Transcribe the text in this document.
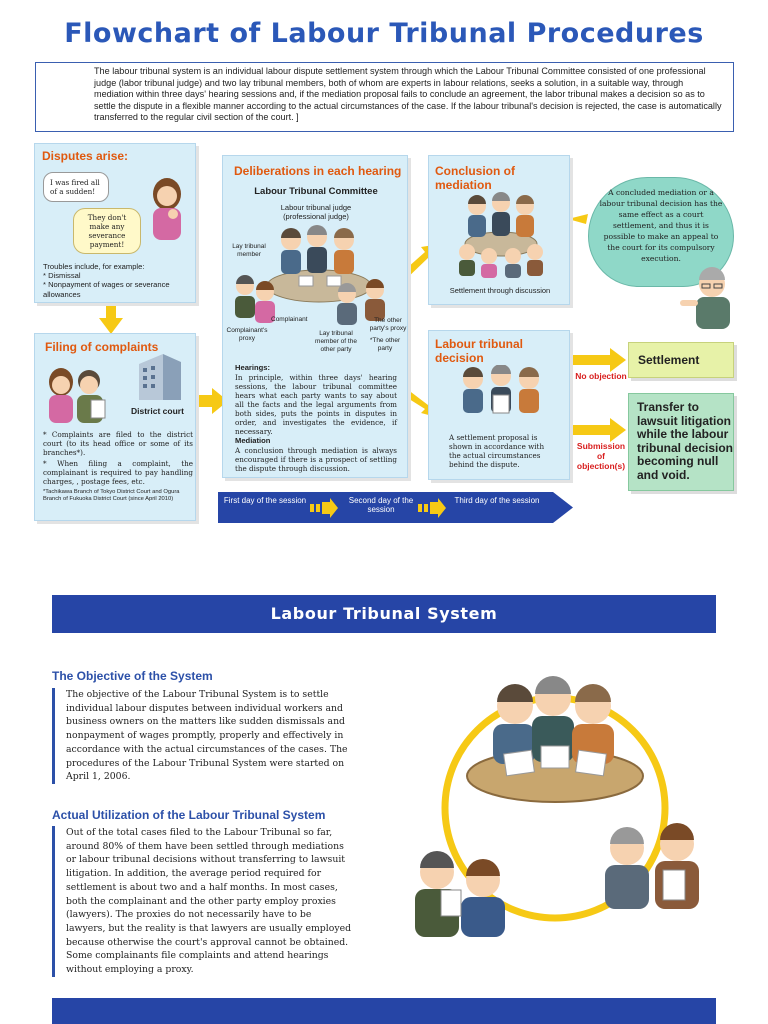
Flowchart of Labour Tribunal Procedures
The labour tribunal system is an individual labour dispute settlement system through which the Labour Tribunal Committee consisted of one professional judge (labor tribunal judge) and two lay tribunal members, both of whom are experts in labour relations, seeks a solution, in a suitable way, through mediation within three days' hearing sessions and, if the mediation proposal fails to conclude an agreement, the labor tribunal makes a decision so as to settle the dispute in a flexible manner according to the actual circumstances of the case. If the labour tribunal's decision is rejected, the case is automatically transferred to the regular civil section of the court. ]
Disputes arise:
I was fired all of a sudden!
They don't make any severance payment!
Troubles include, for example:
* Dismissal
* Nonpayment of wages or severance allowances
Filing of complaints
District court
* Complaints are filed to the district court (to its head office or some of its branches*).
* When filing a complaint, the complainant is required to pay handling charges, , postage fees, etc.
*Tachikawa Branch of Tokyo District Court and Ogura Branch of Fukuoka District Court (since April 2010)
Deliberations in each hearing
Labour Tribunal Committee
Labour tribunal judge (professional judge)
Lay tribunal member
Complainant	The other party's proxy
Complainant's proxy
Lay tribunal member of the other party
*The other party
Hearings:
In principle, within three days' hearing sessions, the labour tribunal committee hears what each party wants to say about all the facts and the legal arguments from both sides, puts the points in disputes in order, and investigates the evidence, if necessary.
Mediation
A conclusion through mediation is always encouraged if there is a prospect of settling the dispute through discussion.
Conclusion of mediation
Settlement through discussion
A concluded mediation or a labour tribunal decision has the same effect as a court settlement, and thus it is possible to make an appeal to the court for its compulsory execution.
Labour tribunal decision
A settlement proposal is shown in accordance with the actual circumstances behind the dispute.
No objection
Settlement
Submission of objection(s)
Transfer to lawsuit litigation while the labour tribunal decision becoming null and void.
First day of the session	Second day of the session
Third day of the session
Labour Tribunal System
The Objective of the System
The objective of the Labour Tribunal System is to settle individual labour disputes between individual workers and business owners on the matters like sudden dismissals and nonpayment of wages promptly, properly and effectively in accordance with the actual circumstances of the cases. The procedures of the Labour Tribunal System were started on April 1, 2006.
Actual Utilization of the Labour Tribunal System
Out of the total cases filed to the Labour Tribunal so far, around 80% of them have been settled through mediations or labour tribunal decisions without transferring to lawsuit litigation. In addition, the average period required for settlement is about two and a half months. In most cases, both the complainant and the other party employ proxies (lawyers). The proxies do not necessarily have to be lawyers, but the reality is that lawyers are usually employed because otherwise the court's approval cannot be obtained. Some complainants file complaints and attend hearings without employing a proxy.
